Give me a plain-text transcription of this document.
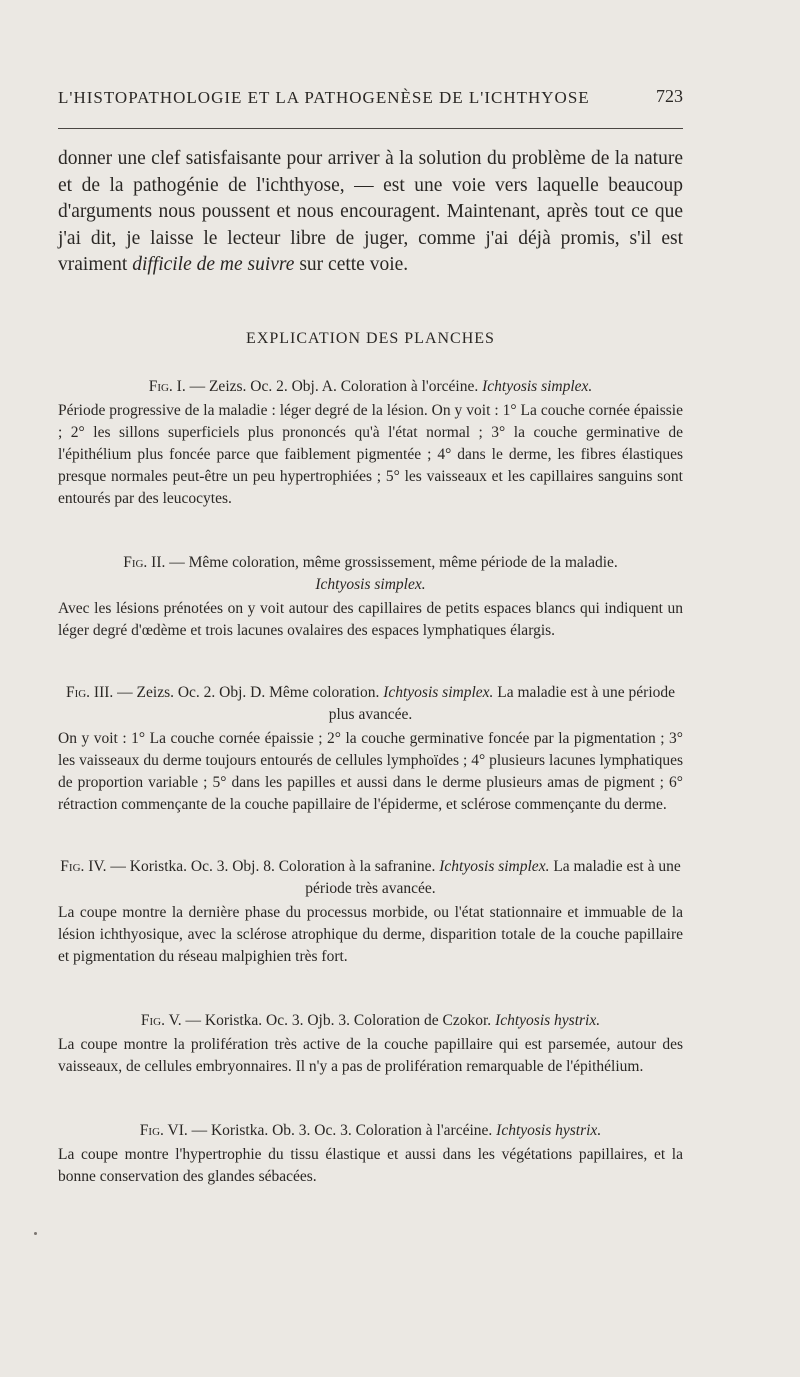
L'HISTOPATHOLOGIE ET LA PATHOGENÈSE DE L'ICHTHYOSE	723
donner une clef satisfaisante pour arriver à la solution du problème de la nature et de la pathogénie de l'ichthyose, — est une voie vers laquelle beaucoup d'arguments nous poussent et nous encouragent. Maintenant, après tout ce que j'ai dit, je laisse le lecteur libre de juger, comme j'ai déjà promis, s'il est vraiment difficile de me suivre sur cette voie.
EXPLICATION DES PLANCHES
Fig. I. — Zeizs. Oc. 2. Obj. A. Coloration à l'orcéine. Ichtyosis simplex.
Période progressive de la maladie : léger degré de la lésion. On y voit : 1° La couche cornée épaissie ; 2° les sillons superficiels plus prononcés qu'à l'état normal ; 3° la couche germinative de l'épithélium plus foncée parce que faiblement pigmentée ; 4° dans le derme, les fibres élastiques presque normales peut-être un peu hypertrophiées ; 5° les vaisseaux et les capillaires sanguins sont entourés par des leucocytes.
Fig. II. — Même coloration, même grossissement, même période de la maladie.
Ichtyosis simplex.
Avec les lésions prénotées on y voit autour des capillaires de petits espaces blancs qui indiquent un léger degré d'œdème et trois lacunes ovalaires des espaces lymphatiques élargis.
Fig. III. — Zeizs. Oc. 2. Obj. D. Même coloration. Ichtyosis simplex. La maladie est à une période plus avancée.
On y voit : 1° La couche cornée épaissie ; 2° la couche germinative foncée par la pigmentation ; 3° les vaisseaux du derme toujours entourés de cellules lymphoïdes ; 4° plusieurs lacunes lymphatiques de proportion variable ; 5° dans les papilles et aussi dans le derme plusieurs amas de pigment ; 6° rétraction commençante de la couche papillaire de l'épiderme, et sclérose commençante du derme.
Fig. IV. — Koristka. Oc. 3. Obj. 8. Coloration à la safranine. Ichtyosis simplex. La maladie est à une période très avancée.
La coupe montre la dernière phase du processus morbide, ou l'état stationnaire et immuable de la lésion ichthyosique, avec la sclérose atrophique du derme, disparition totale de la couche papillaire et pigmentation du réseau malpighien très fort.
Fig. V. — Koristka. Oc. 3. Ojb. 3. Coloration de Czokor. Ichtyosis hystrix.
La coupe montre la prolifération très active de la couche papillaire qui est parsemée, autour des vaisseaux, de cellules embryonnaires. Il n'y a pas de prolifération remarquable de l'épithélium.
Fig. VI. — Koristka. Ob. 3. Oc. 3. Coloration à l'arcéine. Ichtyosis hystrix.
La coupe montre l'hypertrophie du tissu élastique et aussi dans les végétations papillaires, et la bonne conservation des glandes sébacées.
